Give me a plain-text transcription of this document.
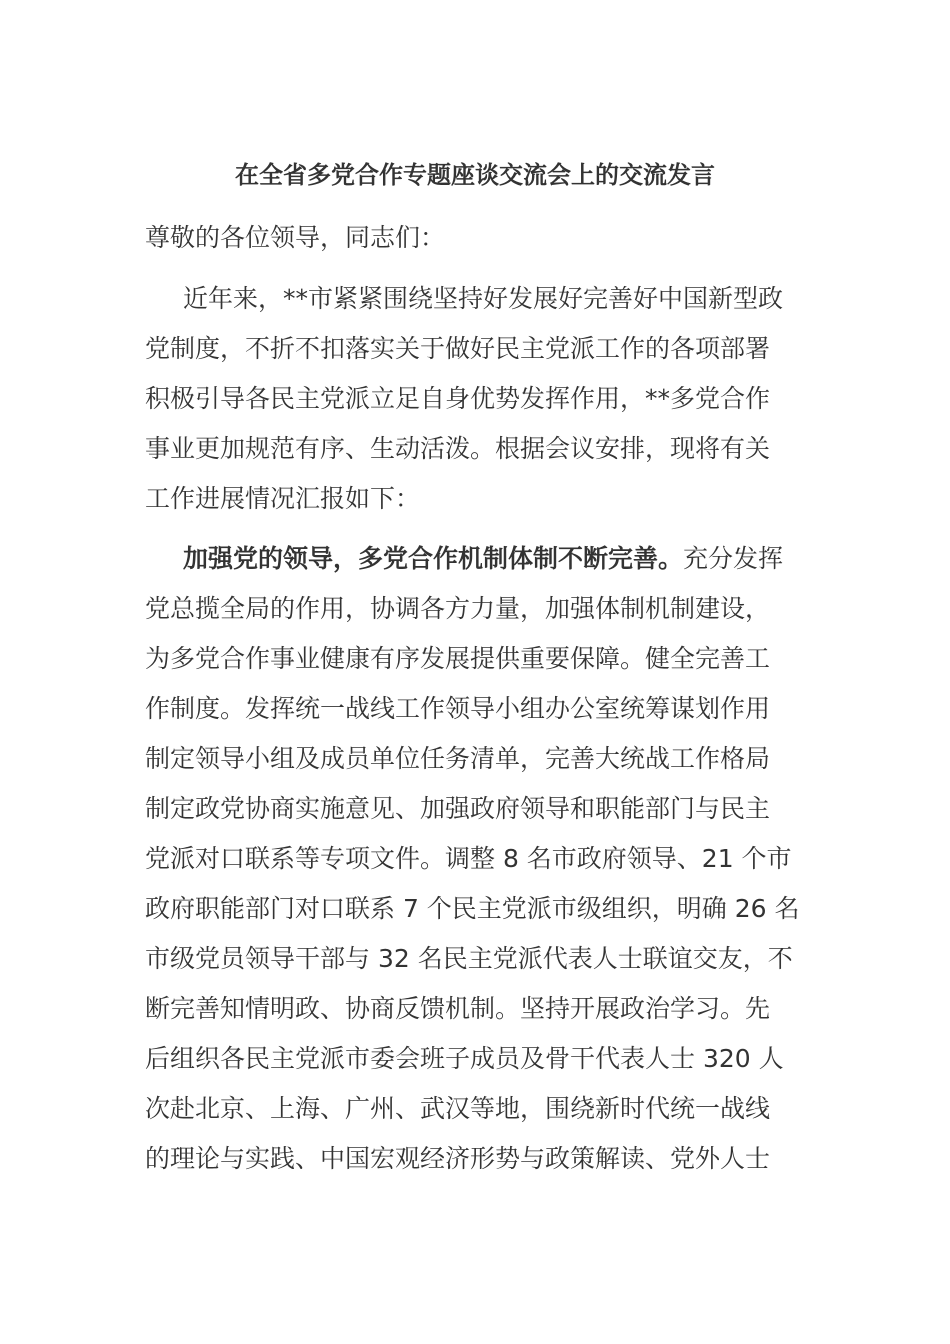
在全省多党合作专题座谈交流会上的交流发言

尊敬的各位领导，同志们：

近年来，**市紧紧围绕坚持好发展好完善好中国新型政

党制度，不折不扣落实关于做好民主党派工作的各项部署

积极引导各民主党派立足自身优势发挥作用，**多党合作

事业更加规范有序、生动活泼。根据会议安排，现将有关

工作进展情况汇报如下：

加强党的领导，多党合作机制体制不断完善。充分发挥

党总揽全局的作用，协调各方力量，加强体制机制建设，

为多党合作事业健康有序发展提供重要保障。健全完善工

作制度。发挥统一战线工作领导小组办公室统筹谋划作用

制定领导小组及成员单位任务清单，完善大统战工作格局

制定政党协商实施意见、加强政府领导和职能部门与民主

党派对口联系等专项文件。调整 8 名市政府领导、21 个市

政府职能部门对口联系 7 个民主党派市级组织，明确 26 名

市级党员领导干部与 32 名民主党派代表人士联谊交友，不

断完善知情明政、协商反馈机制。坚持开展政治学习。先

后组织各民主党派市委会班子成员及骨干代表人士 320 人

次赴北京、上海、广州、武汉等地，围绕新时代统一战线

的理论与实践、中国宏观经济形势与政策解读、党外人士
